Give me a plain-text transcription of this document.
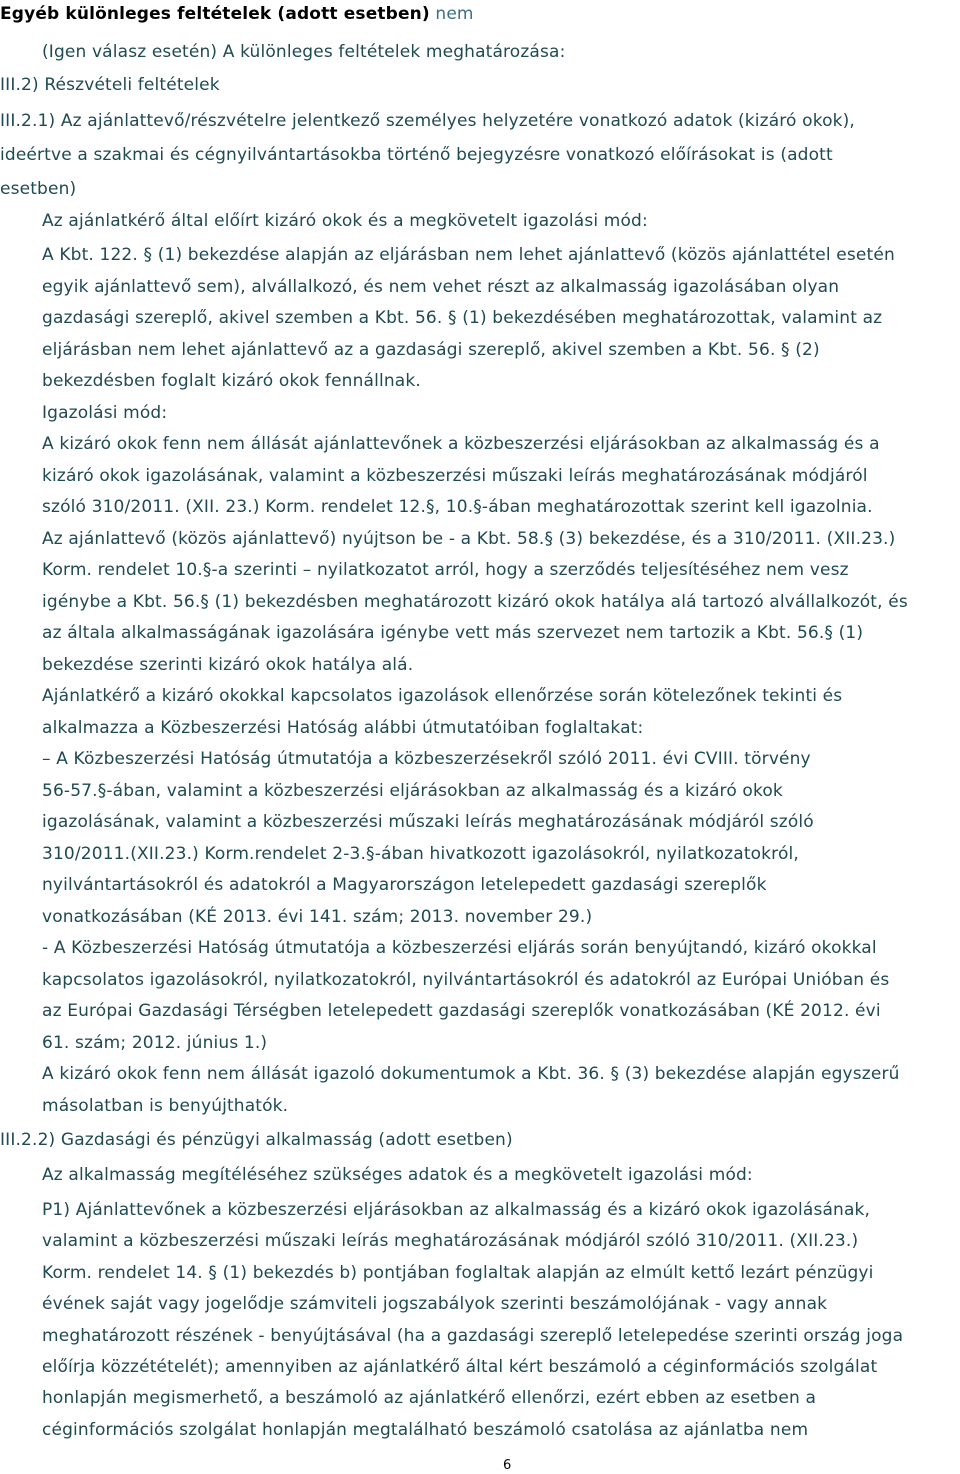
Egyéb különleges feltételek (adott esetben) nem
(Igen válasz esetén) A különleges feltételek meghatározása:
III.2) Részvételi feltételek
III.2.1) Az ajánlattevő/részvételre jelentkező személyes helyzetére vonatkozó adatok (kizáró okok),
ideértve a szakmai és cégnyilvántartásokba történő bejegyzésre vonatkozó előírásokat is (adott
esetben)
Az ajánlatkérő által előírt kizáró okok és a megkövetelt igazolási mód:
A Kbt. 122. § (1) bekezdése alapján az eljárásban nem lehet ajánlattevő (közös ajánlattétel esetén
egyik ajánlattevő sem), alvállalkozó, és nem vehet részt az alkalmasság igazolásában olyan
gazdasági szereplő, akivel szemben a Kbt. 56. § (1) bekezdésében meghatározottak, valamint az
eljárásban nem lehet ajánlattevő az a gazdasági szereplő, akivel szemben a Kbt. 56. § (2)
bekezdésben foglalt kizáró okok fennállnak.
Igazolási mód:
A kizáró okok fenn nem állását ajánlattevőnek a közbeszerzési eljárásokban az alkalmasság és a
kizáró okok igazolásának, valamint a közbeszerzési műszaki leírás meghatározásának módjáról
szóló 310/2011. (XII. 23.) Korm. rendelet 12.§, 10.§-ában meghatározottak szerint kell igazolnia.
Az ajánlattevő (közös ajánlattevő) nyújtson be - a Kbt. 58.§ (3) bekezdése, és a 310/2011. (XII.23.)
Korm. rendelet 10.§-a szerinti – nyilatkozatot arról, hogy a szerződés teljesítéséhez nem vesz
igénybe a Kbt. 56.§ (1) bekezdésben meghatározott kizáró okok hatálya alá tartozó alvállalkozót, és
az általa alkalmasságának igazolására igénybe vett más szervezet nem tartozik a Kbt. 56.§ (1)
bekezdése szerinti kizáró okok hatálya alá.
Ajánlatkérő a kizáró okokkal kapcsolatos igazolások ellenőrzése során kötelezőnek tekinti és
alkalmazza a Közbeszerzési Hatóság alábbi útmutatóiban foglaltakat:
– A Közbeszerzési Hatóság útmutatója a közbeszerzésekről szóló 2011. évi CVIII. törvény
56-57.§-ában, valamint a közbeszerzési eljárásokban az alkalmasság és a kizáró okok
igazolásának, valamint a közbeszerzési műszaki leírás meghatározásának módjáról szóló
310/2011.(XII.23.) Korm.rendelet 2-3.§-ában hivatkozott igazolásokról, nyilatkozatokról,
nyilvántartásokról és adatokról a Magyarországon letelepedett gazdasági szereplők
vonatkozásában (KÉ 2013. évi 141. szám; 2013. november 29.)
- A Közbeszerzési Hatóság útmutatója a közbeszerzési eljárás során benyújtandó, kizáró okokkal
kapcsolatos igazolásokról, nyilatkozatokról, nyilvántartásokról és adatokról az Európai Unióban és
az Európai Gazdasági Térségben letelepedett gazdasági szereplők vonatkozásában (KÉ 2012. évi
61. szám; 2012. június 1.)
A kizáró okok fenn nem állását igazoló dokumentumok a Kbt. 36. § (3) bekezdése alapján egyszerű
másolatban is benyújthatók.
III.2.2) Gazdasági és pénzügyi alkalmasság (adott esetben)
Az alkalmasság megítéléséhez szükséges adatok és a megkövetelt igazolási mód:
P1) Ajánlattevőnek a közbeszerzési eljárásokban az alkalmasság és a kizáró okok igazolásának,
valamint a közbeszerzési műszaki leírás meghatározásának módjáról szóló 310/2011. (XII.23.)
Korm. rendelet 14. § (1) bekezdés b) pontjában foglaltak alapján az elmúlt kettő lezárt pénzügyi
évének saját vagy jogelődje számviteli jogszabályok szerinti beszámolójának - vagy annak
meghatározott részének - benyújtásával (ha a gazdasági szereplő letelepedése szerinti ország joga
előírja közzétételét); amennyiben az ajánlatkérő által kért beszámoló a céginformációs szolgálat
honlapján megismerhető, a beszámoló az ajánlatkérő ellenőrzi, ezért ebben az esetben a
céginformációs szolgálat honlapján megtalálható beszámoló csatolása az ajánlatba nem
6
